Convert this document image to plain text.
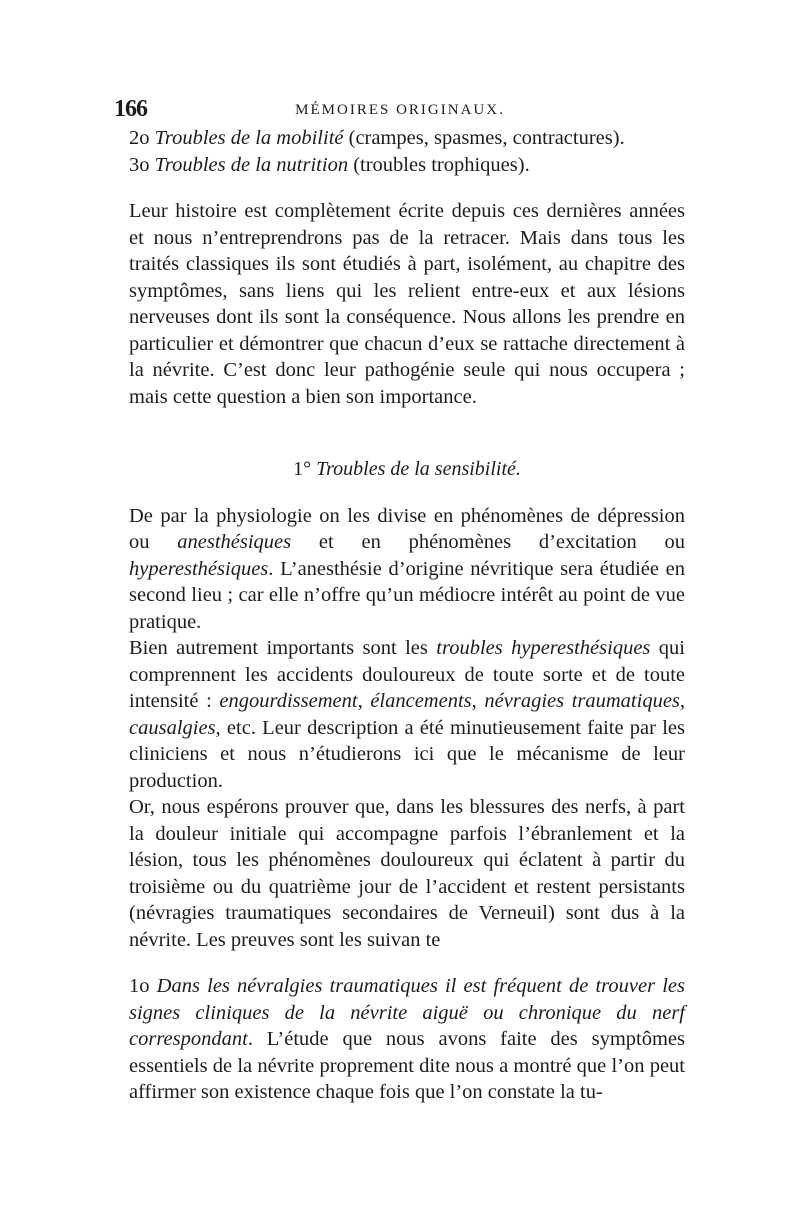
166	MÉMOIRES ORIGINAUX.

2o Troubles de la mobilité (crampes, spasmes, contractures).

3o Troubles de la nutrition (troubles trophiques).

Leur histoire est complètement écrite depuis ces dernières années et nous n’entreprendrons pas de la retracer. Mais dans tous les traités classiques ils sont étudiés à part, isolément, au chapitre des symptômes, sans liens qui les relient entre-eux et aux lésions nerveuses dont ils sont la conséquence. Nous allons les prendre en particulier et démontrer que chacun d’eux se rattache directement à la névrite. C’est donc leur pathogénie seule qui nous occupera ; mais cette question a bien son importance.

1° Troubles de la sensibilité.

De par la physiologie on les divise en phénomènes de dépression ou anesthésiques et en phénomènes d’excitation ou hyperesthésiques. L’anesthésie d’origine névritique sera étudiée en second lieu ; car elle n’offre qu’un médiocre intérêt au point de vue pratique.

Bien autrement importants sont les troubles hyperesthésiques qui comprennent les accidents douloureux de toute sorte et de toute intensité : engourdissement, élancements, névragies traumatiques, causalgies, etc. Leur description a été minutieusement faite par les cliniciens et nous n’étudierons ici que le mécanisme de leur production.

Or, nous espérons prouver que, dans les blessures des nerfs, à part la douleur initiale qui accompagne parfois l’ébranlement et la lésion, tous les phénomènes douloureux qui éclatent à partir du troisième ou du quatrième jour de l’accident et restent persistants (névragies traumatiques secondaires de Verneuil) sont dus à la névrite. Les preuves sont les suivan te

1o Dans les névralgies traumatiques il est fréquent de trouver les signes cliniques de la névrite aiguë ou chronique du nerf correspondant. L’étude que nous avons faite des symptômes essentiels de la névrite proprement dite nous a montré que l’on peut affirmer son existence chaque fois que l’on constate la tu-
